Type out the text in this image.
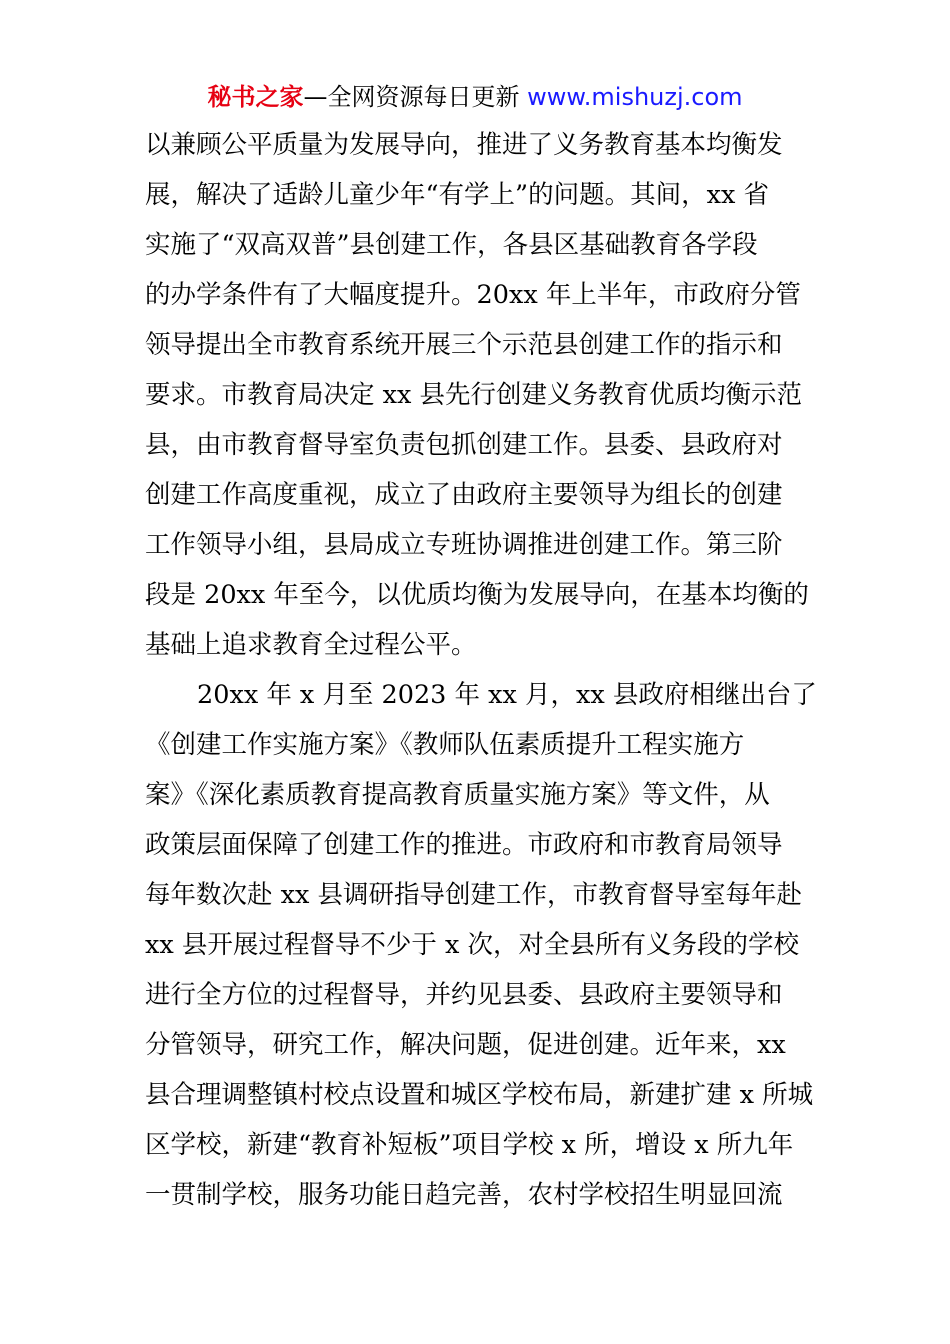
秘书之家—全网资源每日更新 www.mishuzj.com
以兼顾公平质量为发展导向，推进了义务教育基本均衡发
展，解决了适龄儿童少年“有学上”的问题。其间，xx 省
实施了“双高双普”县创建工作，各县区基础教育各学段
的办学条件有了大幅度提升。20xx 年上半年，市政府分管
领导提出全市教育系统开展三个示范县创建工作的指示和
要求。市教育局决定 xx 县先行创建义务教育优质均衡示范
县，由市教育督导室负责包抓创建工作。县委、县政府对
创建工作高度重视，成立了由政府主要领导为组长的创建
工作领导小组，县局成立专班协调推进创建工作。第三阶
段是 20xx 年至今，以优质均衡为发展导向，在基本均衡的
基础上追求教育全过程公平。
20xx 年 x 月至 2023 年 xx 月，xx 县政府相继出台了
《创建工作实施方案》《教师队伍素质提升工程实施方
案》《深化素质教育提高教育质量实施方案》等文件，从
政策层面保障了创建工作的推进。市政府和市教育局领导
每年数次赴 xx 县调研指导创建工作，市教育督导室每年赴
xx 县开展过程督导不少于 x 次，对全县所有义务段的学校
进行全方位的过程督导，并约见县委、县政府主要领导和
分管领导，研究工作，解决问题，促进创建。近年来，xx
县合理调整镇村校点设置和城区学校布局，新建扩建 x 所城
区学校，新建“教育补短板”项目学校 x 所，增设 x 所九年
一贯制学校，服务功能日趋完善，农村学校招生明显回流
